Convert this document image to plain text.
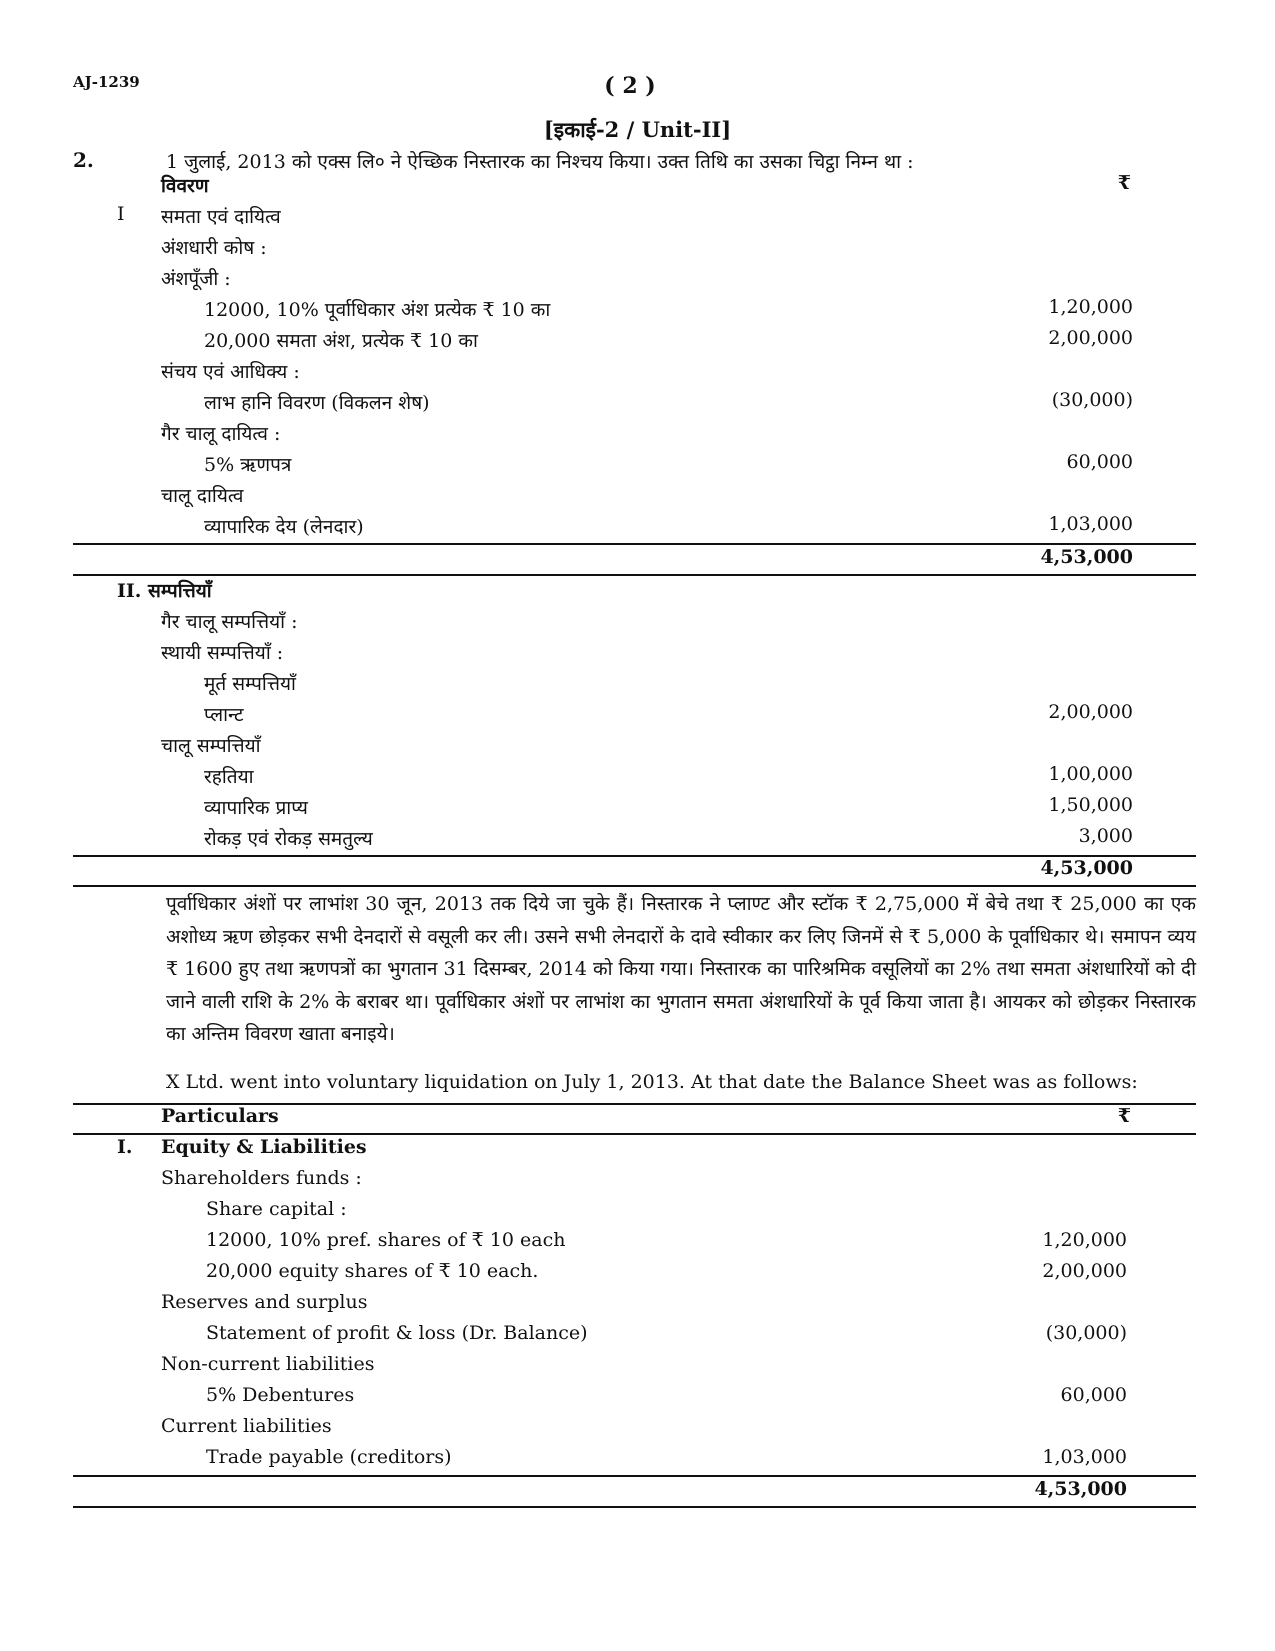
AJ-1239	( 2 )
[इकाई-2 / Unit-II]
2.	1 जुलाई, 2013 को एक्स लि० ने ऐच्छिक निस्तारक का निश्चय किया। उक्त तिथि का उसका चिट्ठा निम्न था :
विवरण	₹
I समता एवं दायित्व
अंशधारी कोष :
अंशपूँजी :
12000, 10% पूर्वाधिकार अंश प्रत्येक ₹ 10 का	1,20,000
20,000 समता अंश, प्रत्येक ₹ 10 का	2,00,000
संचय एवं आधिक्य :
लाभ हानि विवरण (विकलन शेष)	(30,000)
गैर चालू दायित्व :
5% ऋणपत्र	60,000
चालू दायित्व
व्यापारिक देय (लेनदार)	1,03,000
4,53,000
II. सम्पत्तियाँ
गैर चालू सम्पत्तियाँ :
स्थायी सम्पत्तियाँ :
मूर्त सम्पत्तियाँ
प्लान्ट	2,00,000
चालू सम्पत्तियाँ
रहतिया	1,00,000
व्यापारिक प्राप्य	1,50,000
रोकड़ एवं रोकड़ समतुल्य	3,000
4,53,000
पूर्वाधिकार अंशों पर लाभांश 30 जून, 2013 तक दिये जा चुके हैं। निस्तारक ने प्लाण्ट और स्टॉक ₹ 2,75,000 में बेचे तथा ₹ 25,000 का एक अशोध्य ऋण छोड़कर सभी देनदारों से वसूली कर ली। उसने सभी लेनदारों के दावे स्वीकार कर लिए जिनमें से ₹ 5,000 के पूर्वाधिकार थे। समापन व्यय ₹ 1600 हुए तथा ऋणपत्रों का भुगतान 31 दिसम्बर, 2014 को किया गया। निस्तारक का पारिश्रमिक वसूलियों का 2% तथा समता अंशधारियों को दी जाने वाली राशि के 2% के बराबर था। पूर्वाधिकार अंशों पर लाभांश का भुगतान समता अंशधारियों के पूर्व किया जाता है। आयकर को छोड़कर निस्तारक का अन्तिम विवरण खाता बनाइये।
X Ltd. went into voluntary liquidation on July 1, 2013. At that date the Balance Sheet was as follows:
Particulars	₹
I. Equity & Liabilities
Shareholders funds :
Share capital :
12000, 10% pref. shares of ₹ 10 each	1,20,000
20,000 equity shares of ₹ 10 each.	2,00,000
Reserves and surplus
Statement of profit & loss (Dr. Balance)	(30,000)
Non-current liabilities
5% Debentures	60,000
Current liabilities
Trade payable (creditors)	1,03,000
4,53,000
